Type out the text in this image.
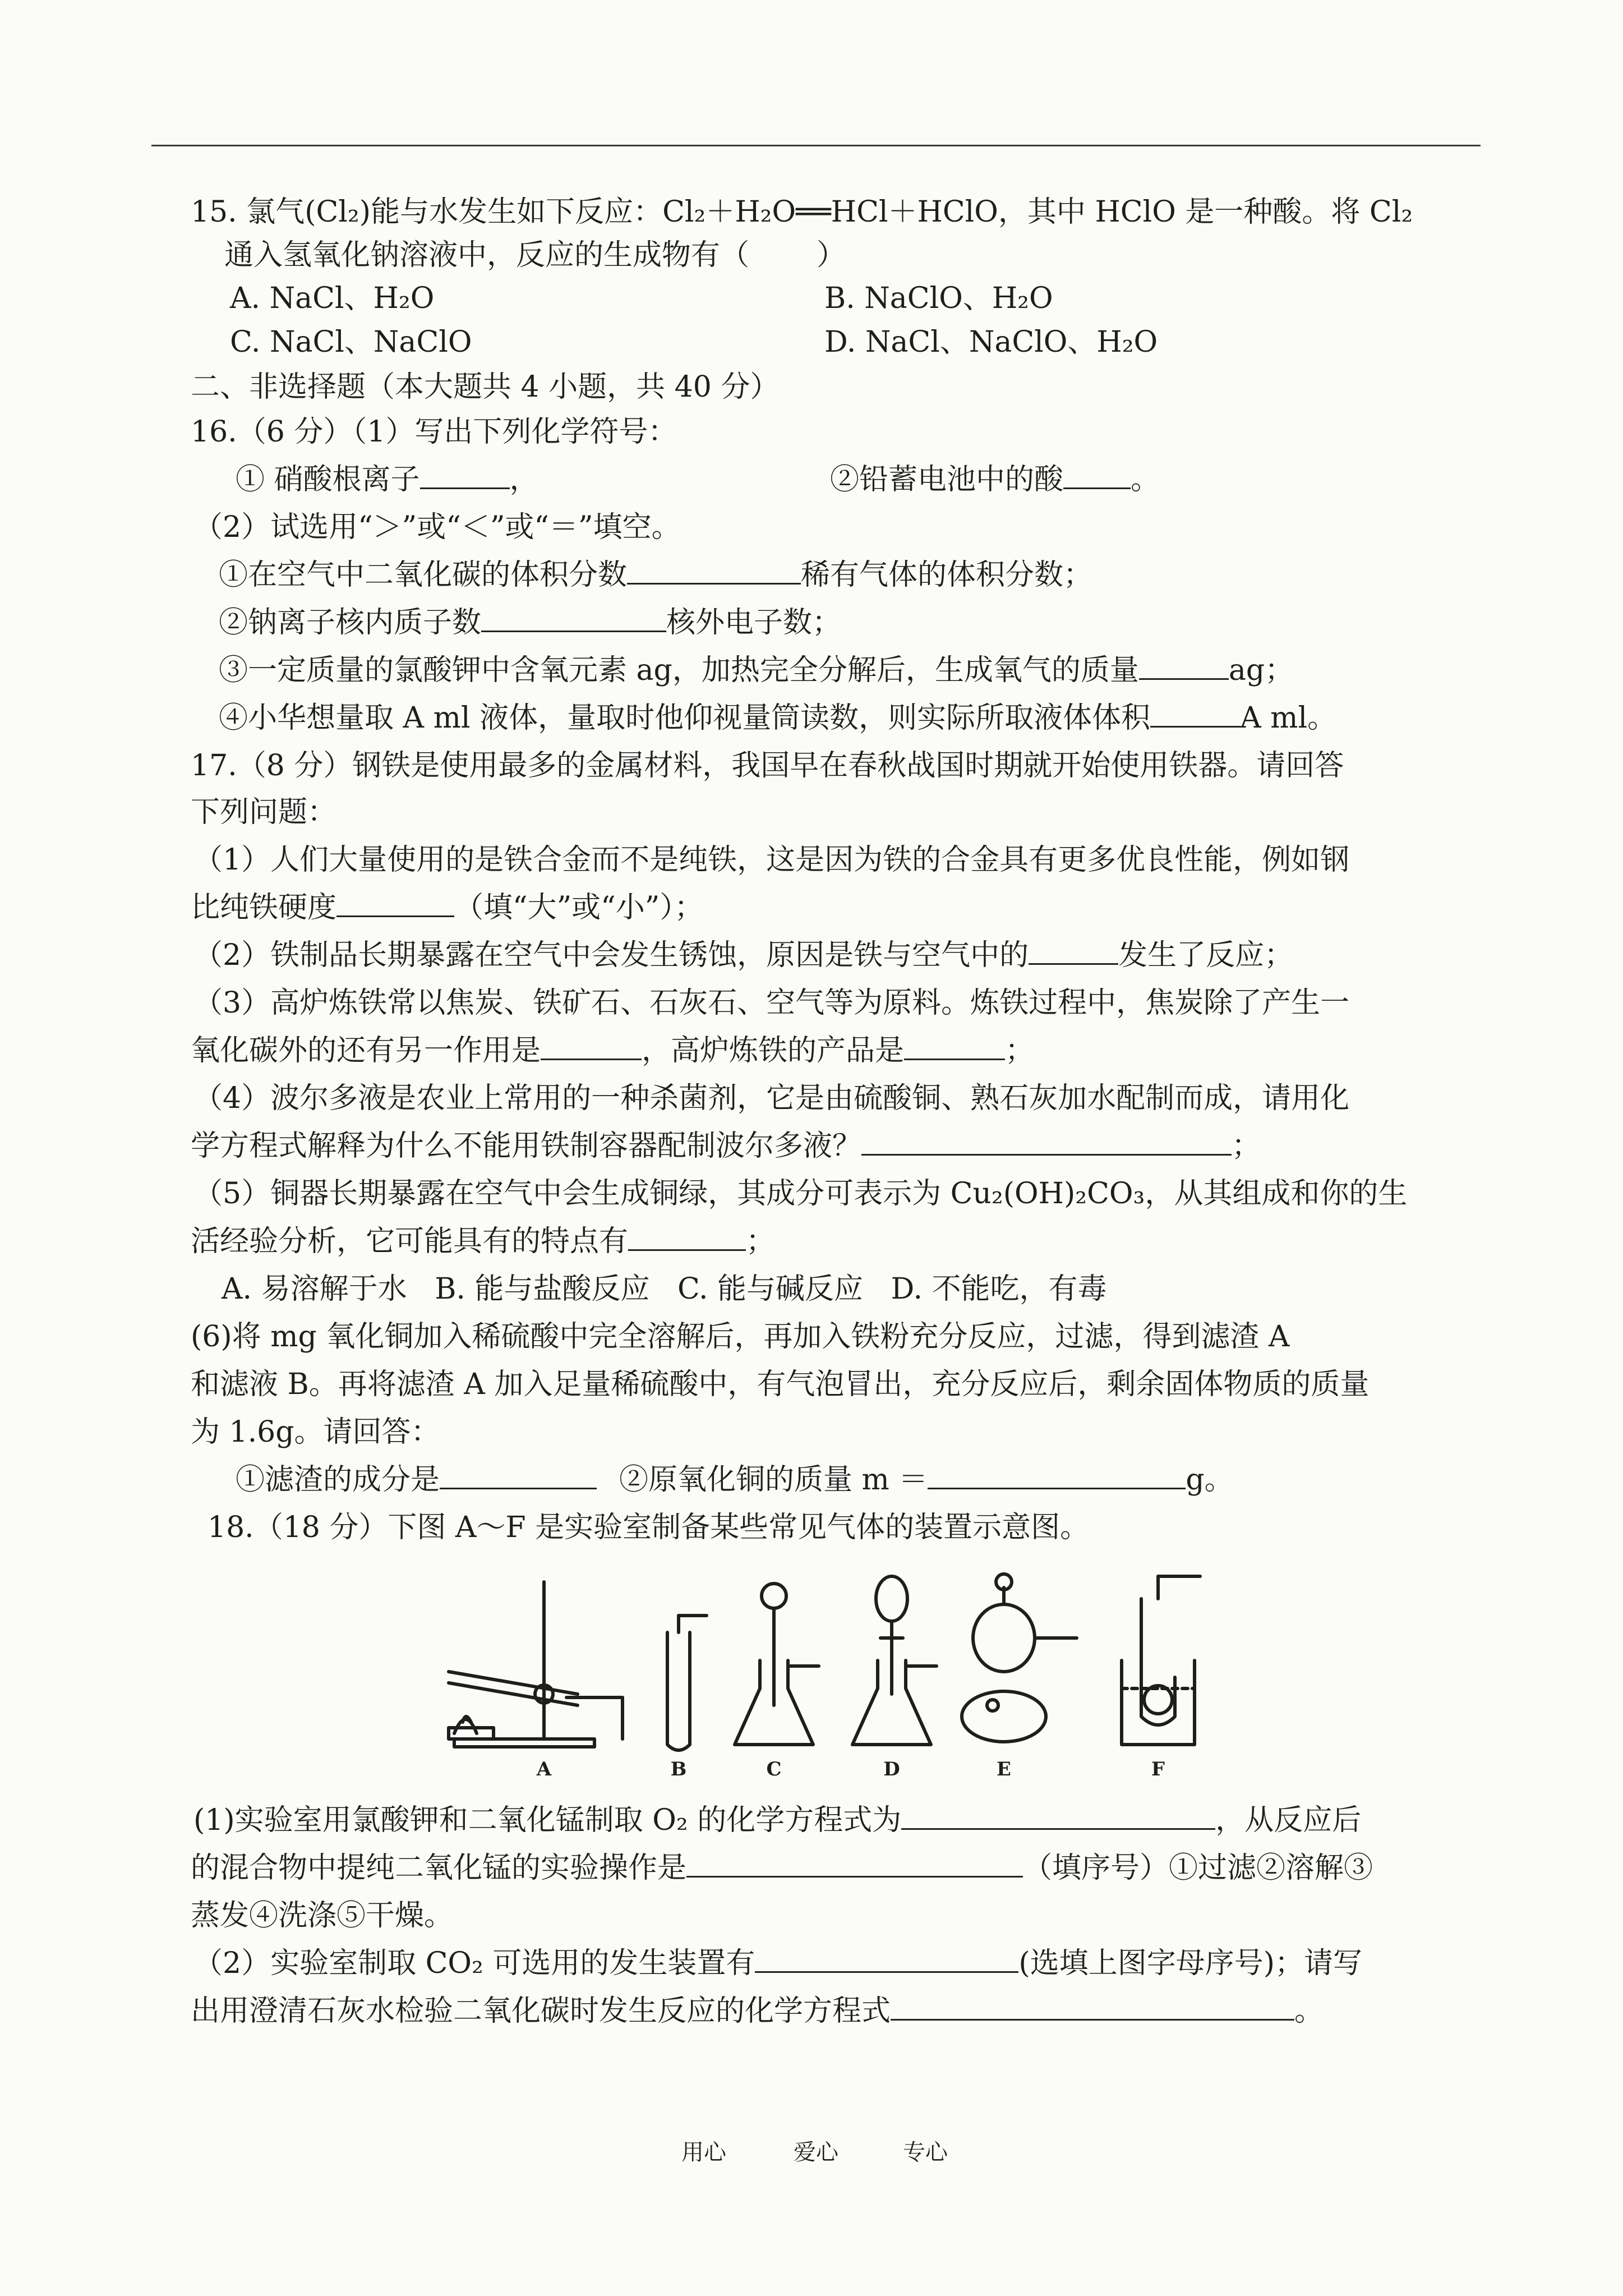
15. 氯气(Cl₂)能与水发生如下反应：Cl₂＋H₂O══HCl＋HClO，其中 HClO 是一种酸。将 Cl₂
通入氢氧化钠溶液中，反应的生成物有（ ）
A. NaCl、H₂O	B. NaClO、H₂O
C. NaCl、NaClO	D. NaCl、NaClO、H₂O
二、非选择题（本大题共 4 小题，共 40 分）
16.（6 分）（1）写出下列化学符号：
① 硝酸根离子	，	②铅蓄电池中的酸 。
（2）试选用“＞”或“＜”或“＝”填空。
①在空气中二氧化碳的体积分数	稀有气体的体积分数；
②钠离子核内质子数	核外电子数；
③一定质量的氯酸钾中含氧元素 ag，加热完全分解后，生成氧气的质量	ag；
④小华想量取 A ml 液体，量取时他仰视量筒读数，则实际所取液体体积	A ml。
17.（8 分）钢铁是使用最多的金属材料，我国早在春秋战国时期就开始使用铁器。请回答
下列问题：
（1）人们大量使用的是铁合金而不是纯铁，这是因为铁的合金具有更多优良性能，例如钢
比纯铁硬度	（填“大”或“小”）；
（2）铁制品长期暴露在空气中会发生锈蚀，原因是铁与空气中的	发生了反应；
（3）高炉炼铁常以焦炭、铁矿石、石灰石、空气等为原料。炼铁过程中，焦炭除了产生一
氧化碳外的还有另一作用是	，高炉炼铁的产品是	；
（4）波尔多液是农业上常用的一种杀菌剂，它是由硫酸铜、熟石灰加水配制而成，请用化
学方程式解释为什么不能用铁制容器配制波尔多液？	；
（5）铜器长期暴露在空气中会生成铜绿，其成分可表示为 Cu₂(OH)₂CO₃，从其组成和你的生
活经验分析，它可能具有的特点有	；
A. 易溶解于水   B. 能与盐酸反应   C. 能与碱反应   D. 不能吃，有毒
(6)将 mg 氧化铜加入稀硫酸中完全溶解后，再加入铁粉充分反应，过滤，得到滤渣 A
和滤液 B。再将滤渣 A 加入足量稀硫酸中，有气泡冒出，充分反应后，剩余固体物质的质量
为 1.6g。请回答：
①滤渣的成分是	②原氧化铜的质量 m ＝	g。
18.（18 分）下图 A～F 是实验室制备某些常见气体的装置示意图。
A	B	C	D	E	F
(1)实验室用氯酸钾和二氧化锰制取 O₂ 的化学方程式为	，从反应后
的混合物中提纯二氧化锰的实验操作是	（填序号）①过滤②溶解③
蒸发④洗涤⑤干燥。
（2）实验室制取 CO₂ 可选用的发生装置有	(选填上图字母序号)；请写
出用澄清石灰水检验二氧化碳时发生反应的化学方程式	。
用心	爱心	专心
